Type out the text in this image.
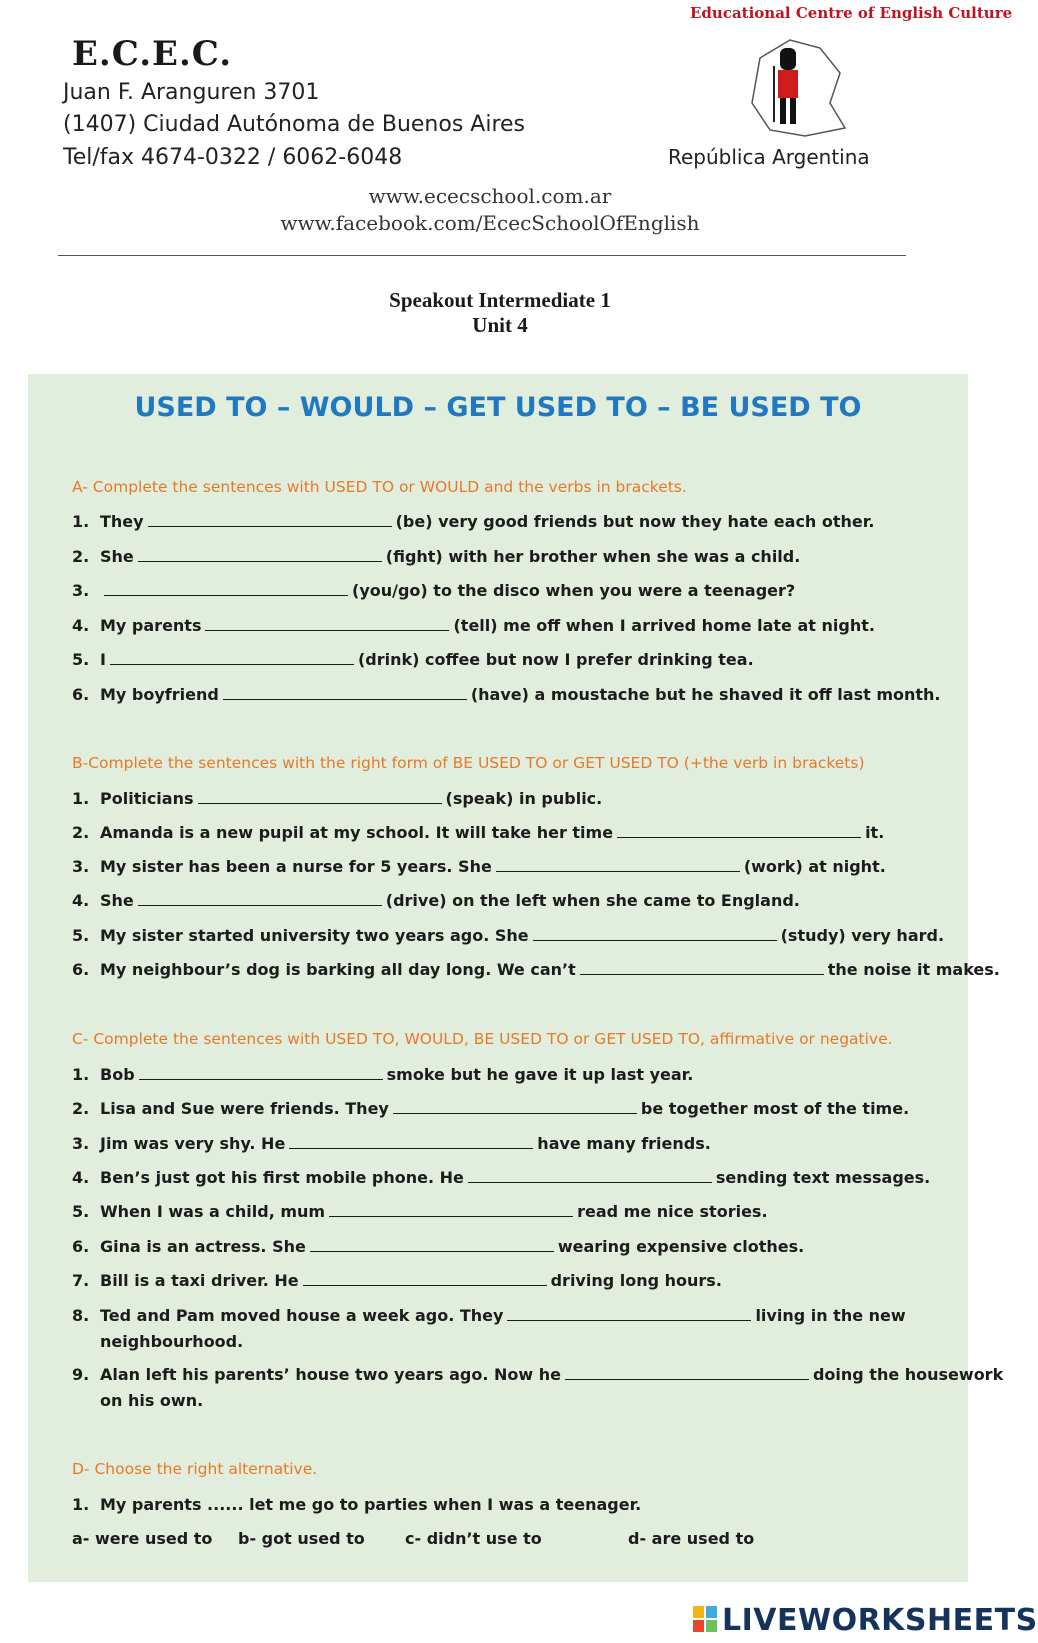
E.C.E.C.
Juan F. Aranguren 3701
(1407) Ciudad Autónoma de Buenos Aires
Tel/fax 4674-0322 / 6062-6048
Educational Centre of English Culture
República Argentina
www.ececschool.com.ar
www.facebook.com/EcecSchoolOfEnglish
Speakout Intermediate 1
Unit 4
USED TO – WOULD – GET USED TO – BE USED TO
A- Complete the sentences with USED TO or WOULD and the verbs in brackets.
1. They	(be) very good friends but now they hate each other.
2. She	(fight) with her brother when she was a child.
3.	(you/go) to the disco when you were a teenager?
4. My parents	(tell) me off when I arrived home late at night.
5. I	(drink) coffee but now I prefer drinking tea.
6. My boyfriend	(have) a moustache but he shaved it off last month.
B-Complete the sentences with the right form of BE USED TO or GET USED TO (+the verb in brackets)
1. Politicians	(speak) in public.
2. Amanda is a new pupil at my school. It will take her time	it.
3. My sister has been a nurse for 5 years. She	(work) at night.
4. She	(drive) on the left when she came to England.
5. My sister started university two years ago. She	(study) very hard.
6. My neighbour’s dog is barking all day long. We can’t	the noise it makes.
C- Complete the sentences with USED TO, WOULD, BE USED TO or GET USED TO, affirmative or negative.
1. Bob	smoke but he gave it up last year.
2. Lisa and Sue were friends. They	be together most of the time.
3. Jim was very shy. He	have many friends.
4. Ben’s just got his first mobile phone. He	sending text messages.
5. When I was a child, mum	read me nice stories.
6. Gina is an actress. She	wearing expensive clothes.
7. Bill is a taxi driver. He	driving long hours.
8. Ted and Pam moved house a week ago. They	living in the new
neighbourhood.
9. Alan left his parents’ house two years ago. Now he	doing the housework
on his own.
D- Choose the right alternative.
1. My parents ...... let me go to parties when I was a teenager.
a- were used to b- got used to	c- didn’t use to	d- are used to
LIVEWORKSHEETS
